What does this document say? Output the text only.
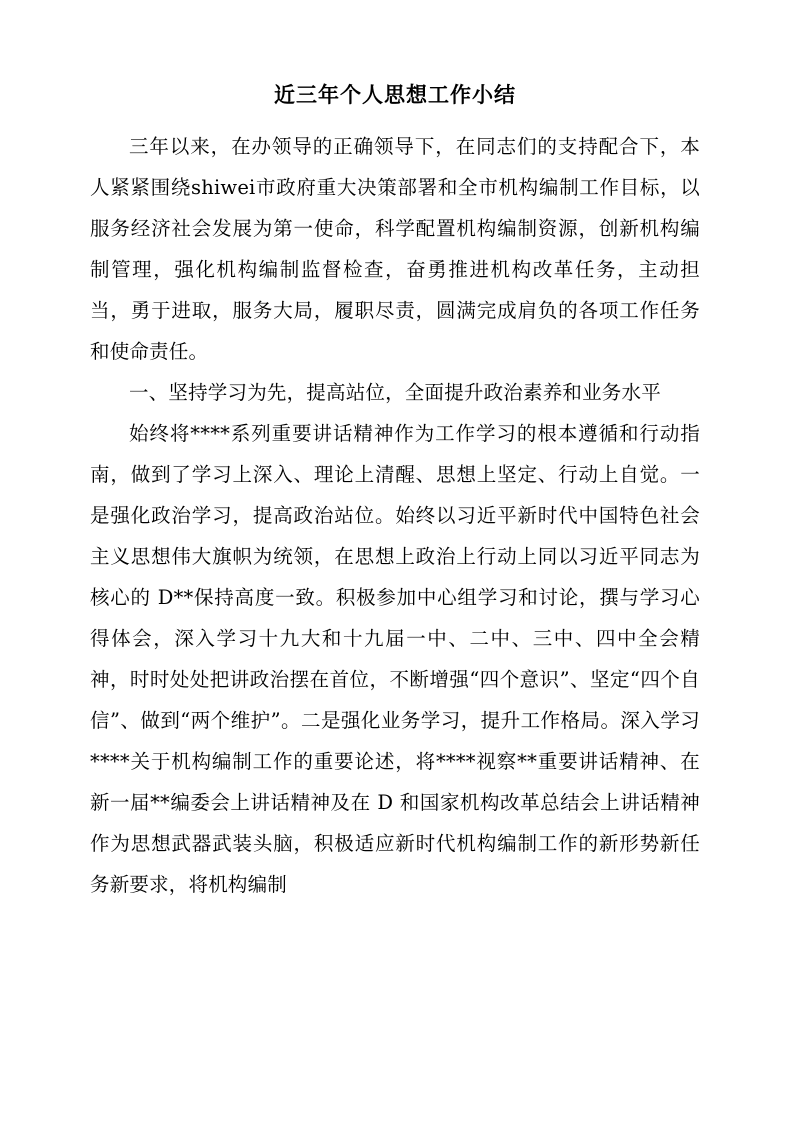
近三年个人思想工作小结

三年以来，在办领导的正确领导下，在同志们的支持配合下，本人紧紧围绕shiwei市政府重大决策部署和全市机构编制工作目标，以服务经济社会发展为第一使命，科学配置机构编制资源，创新机构编制管理，强化机构编制监督检查，奋勇推进机构改革任务，主动担当，勇于进取，服务大局，履职尽责，圆满完成肩负的各项工作任务和使命责任。

一、坚持学习为先，提高站位，全面提升政治素养和业务水平

始终将****系列重要讲话精神作为工作学习的根本遵循和行动指南，做到了学习上深入、理论上清醒、思想上坚定、行动上自觉。一是强化政治学习，提高政治站位。始终以习近平新时代中国特色社会主义思想伟大旗帜为统领，在思想上政治上行动上同以习近平同志为核心的 D**保持高度一致。积极参加中心组学习和讨论，撰与学习心得体会，深入学习十九大和十九届一中、二中、三中、四中全会精神，时时处处把讲政治摆在首位，不断增强“四个意识”、坚定“四个自信”、做到“两个维护”。二是强化业务学习，提升工作格局。深入学习****关于机构编制工作的重要论述，将****视察**重要讲话精神、在新一届**编委会上讲话精神及在 D 和国家机构改革总结会上讲话精神作为思想武器武装头脑，积极适应新时代机构编制工作的新形势新任务新要求，将机构编制
